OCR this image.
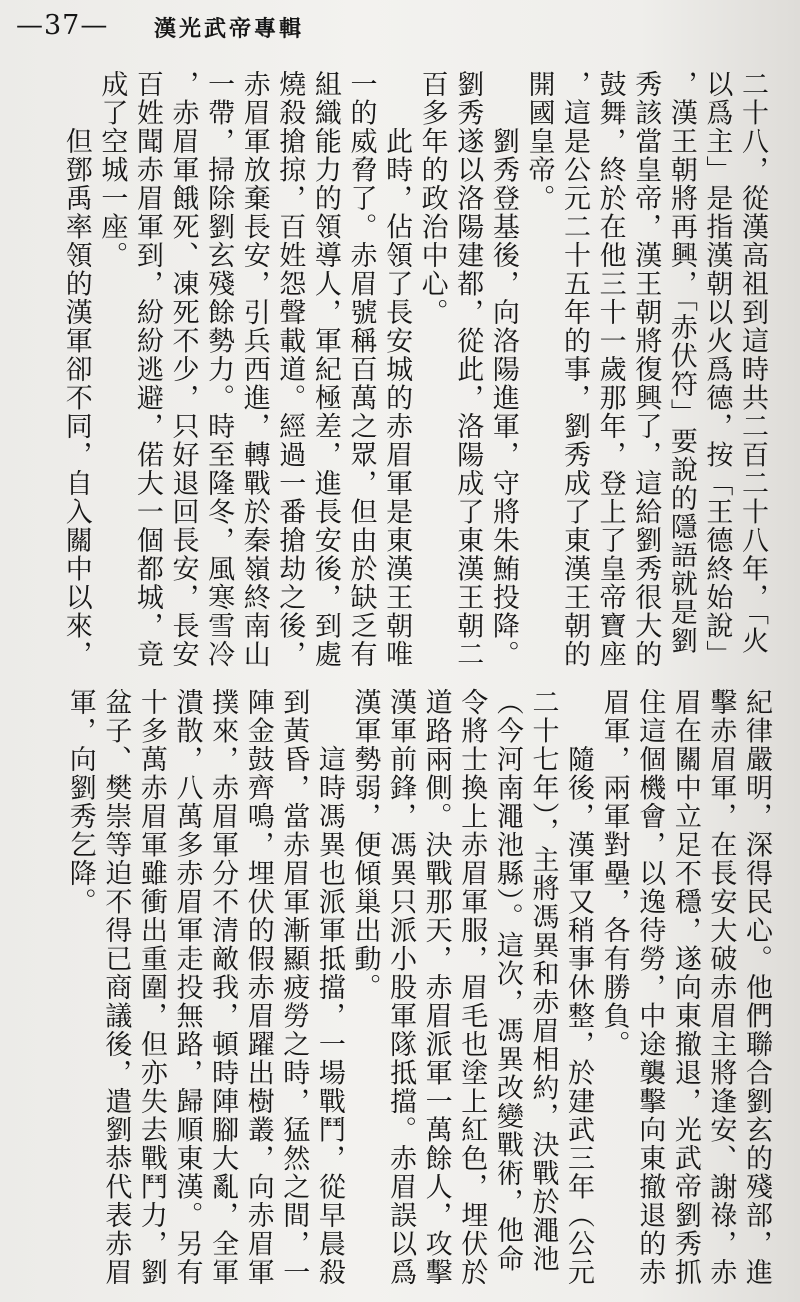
—37— 漢光武帝專輯
二十八，從漢高祖到這時共二百二十八年，「火
以爲主」是指漢朝以火爲德，按「王德終始說」
，漢王朝將再興，「赤伏符」要說的隱語就是劉
秀該當皇帝，漢王朝將復興了，這給劉秀很大的
鼓舞，終於在他三十一歲那年，登上了皇帝寶座
，這是公元二十五年的事，劉秀成了東漢王朝的
開國皇帝。
劉秀登基後，向洛陽進軍，守將朱鮪投降。
劉秀遂以洛陽建都，從此，洛陽成了東漢王朝二
百多年的政治中心。
此時，佔領了長安城的赤眉軍是東漢王朝唯
一的威脅了。赤眉號稱百萬之眾，但由於缺乏有
組織能力的領導人，軍紀極差，進長安後，到處
燒殺搶掠，百姓怨聲載道。經過一番搶劫之後，
赤眉軍放棄長安，引兵西進，轉戰於秦嶺終南山
一帶，掃除劉玄殘餘勢力。時至隆冬，風寒雪冷
，赤眉軍餓死、凍死不少，只好退回長安，長安
百姓聞赤眉軍到，紛紛逃避，偌大一個都城，竟
成了空城一座。
但鄧禹率領的漢軍卻不同，自入關中以來，
紀律嚴明，深得民心。他們聯合劉玄的殘部，進
擊赤眉軍，在長安大破赤眉主將逢安、謝祿，赤
眉在關中立足不穩，遂向東撤退，光武帝劉秀抓
住這個機會，以逸待勞，中途襲擊向東撤退的赤
眉軍，兩軍對壘，各有勝負。
隨後，漢軍又稍事休整，於建武三年（公元
二十七年），主將馮異和赤眉相約，決戰於澠池
（今河南澠池縣）。這次，馮異改變戰術，他命
令將士換上赤眉軍服，眉毛也塗上紅色，埋伏於
道路兩側。決戰那天，赤眉派軍一萬餘人，攻擊
漢軍前鋒，馮異只派小股軍隊抵擋。赤眉誤以爲
漢軍勢弱，便傾巢出動。
這時馮異也派軍抵擋，一場戰鬥，從早晨殺
到黃昏，當赤眉軍漸顯疲勞之時，猛然之間，一
陣金鼓齊鳴，埋伏的假赤眉躍出樹叢，向赤眉軍
撲來，赤眉軍分不清敵我，頓時陣腳大亂，全軍
潰散，八萬多赤眉軍走投無路，歸順東漢。另有
十多萬赤眉軍雖衝出重圍，但亦失去戰鬥力，劉
盆子、樊崇等迫不得已商議後，遣劉恭代表赤眉
軍，向劉秀乞降。
